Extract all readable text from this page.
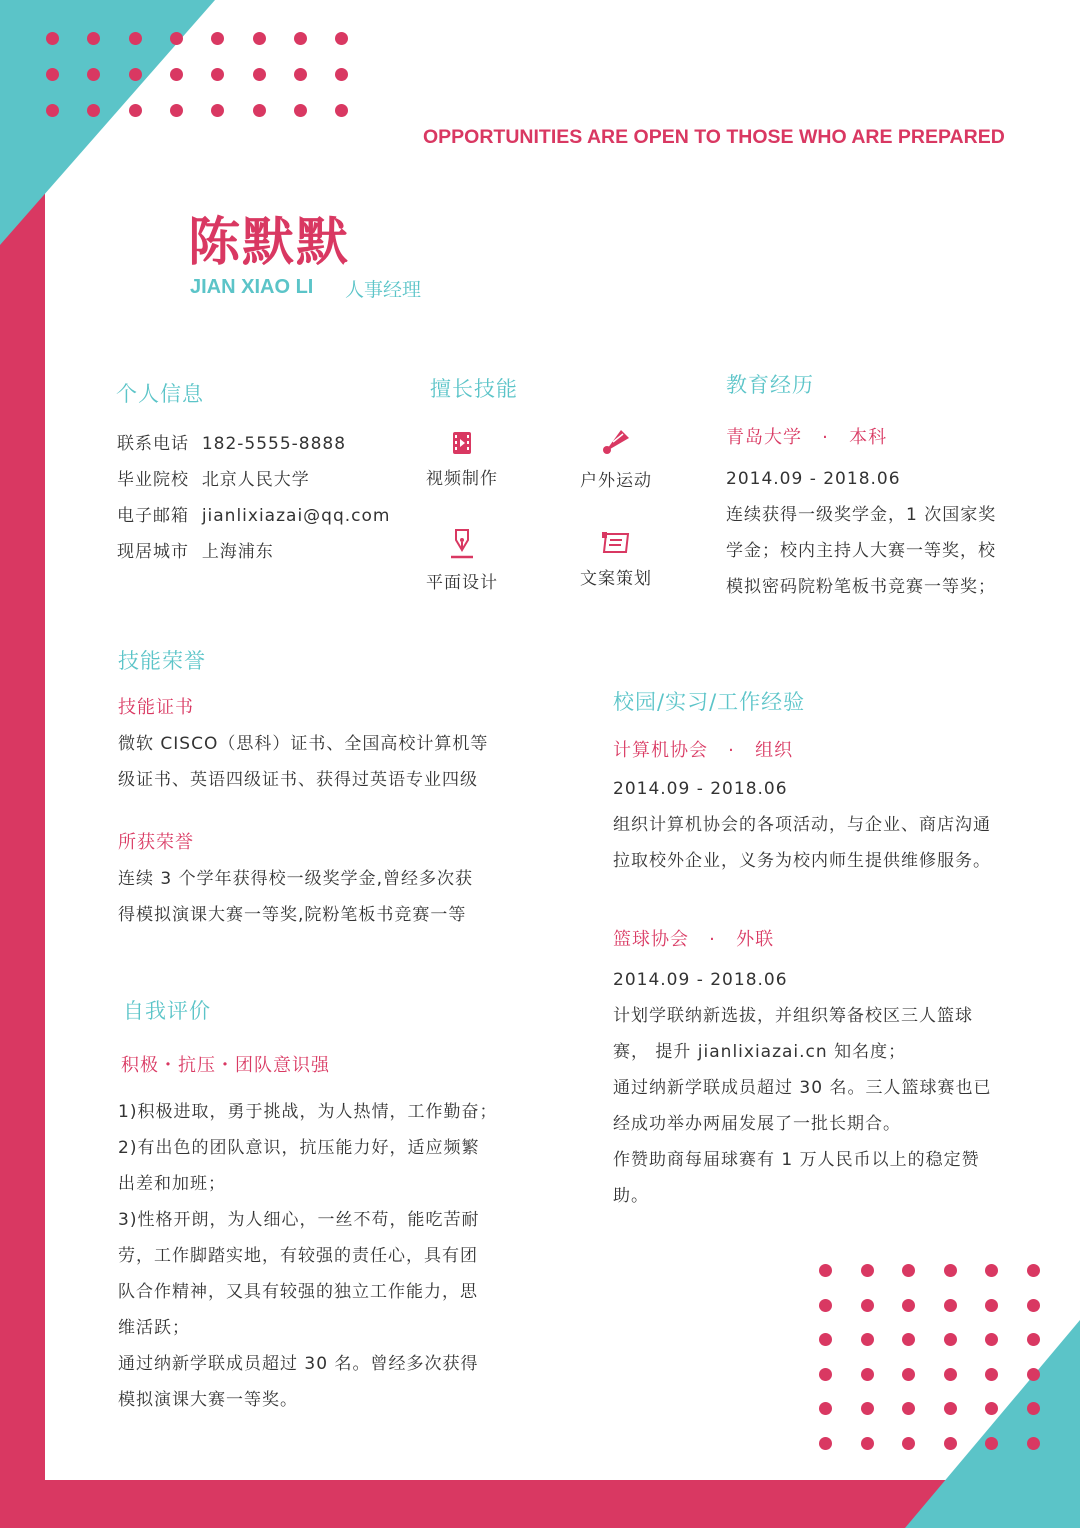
OPPORTUNITIES ARE OPEN TO THOSE WHO ARE PREPARED
陈默默
JIAN XIAO LI 人事经理
个人信息
联系电话 182-5555-8888
毕业院校 北京人民大学
电子邮箱 jianlixiazai@qq.com
现居城市 上海浦东
擅长技能
视频制作	户外运动
平面设计	文案策划
教育经历
青岛大学 · 本科
2014.09 - 2018.06
连续获得一级奖学金，1 次国家奖
学金；校内主持人大赛一等奖，校
模拟密码院粉笔板书竞赛一等奖；
技能荣誉
技能证书
微软 CISCO（思科）证书、全国高校计算机等
级证书、英语四级证书、获得过英语专业四级
所获荣誉
连续 3 个学年获得校一级奖学金,曾经多次获
得模拟演课大赛一等奖,院粉笔板书竞赛一等
校园/实习/工作经验
计算机协会 · 组织
2014.09 - 2018.06
组织计算机协会的各项活动，与企业、商店沟通
拉取校外企业，义务为校内师生提供维修服务。
篮球协会 · 外联
2014.09 - 2018.06
计划学联纳新选拔，并组织筹备校区三人篮球
赛， 提升 jianlixiazai.cn 知名度；
通过纳新学联成员超过 30 名。三人篮球赛也已
经成功举办两届发展了一批长期合。
作赞助商每届球赛有 1 万人民币以上的稳定赞
助。
自我评价
积极・抗压・团队意识强
1)积极进取，勇于挑战，为人热情，工作勤奋；
2)有出色的团队意识，抗压能力好，适应频繁
出差和加班；
3)性格开朗，为人细心，一丝不苟，能吃苦耐
劳，工作脚踏实地，有较强的责任心，具有团
队合作精神，又具有较强的独立工作能力，思
维活跃；
通过纳新学联成员超过 30 名。曾经多次获得
模拟演课大赛一等奖。
